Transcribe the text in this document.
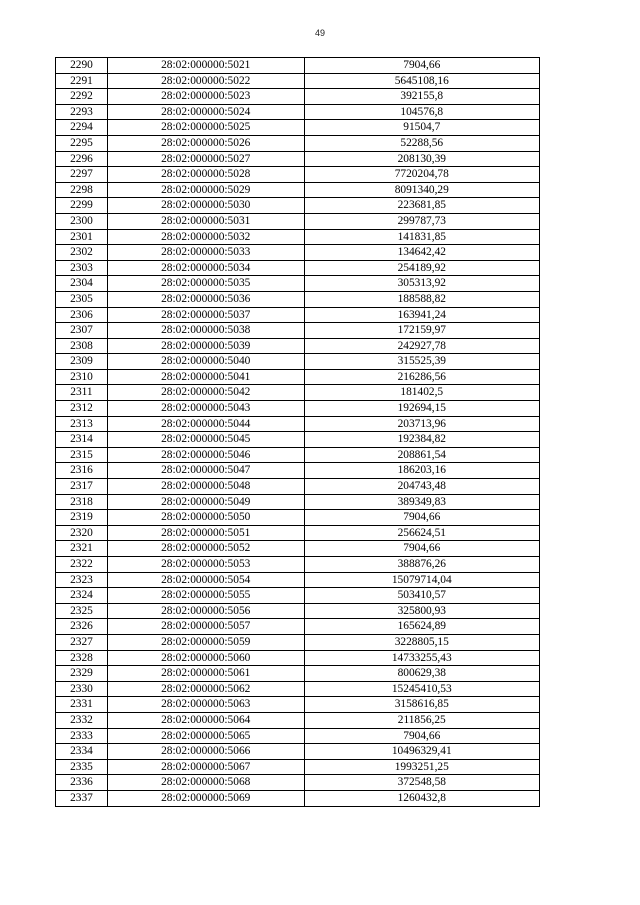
49
2290	28:02:000000:5021	7904,66
2291	28:02:000000:5022	5645108,16
2292	28:02:000000:5023	392155,8
2293	28:02:000000:5024	104576,8
2294	28:02:000000:5025	91504,7
2295	28:02:000000:5026	52288,56
2296	28:02:000000:5027	208130,39
2297	28:02:000000:5028	7720204,78
2298	28:02:000000:5029	8091340,29
2299	28:02:000000:5030	223681,85
2300	28:02:000000:5031	299787,73
2301	28:02:000000:5032	141831,85
2302	28:02:000000:5033	134642,42
2303	28:02:000000:5034	254189,92
2304	28:02:000000:5035	305313,92
2305	28:02:000000:5036	188588,82
2306	28:02:000000:5037	163941,24
2307	28:02:000000:5038	172159,97
2308	28:02:000000:5039	242927,78
2309	28:02:000000:5040	315525,39
2310	28:02:000000:5041	216286,56
2311	28:02:000000:5042	181402,5
2312	28:02:000000:5043	192694,15
2313	28:02:000000:5044	203713,96
2314	28:02:000000:5045	192384,82
2315	28:02:000000:5046	208861,54
2316	28:02:000000:5047	186203,16
2317	28:02:000000:5048	204743,48
2318	28:02:000000:5049	389349,83
2319	28:02:000000:5050	7904,66
2320	28:02:000000:5051	256624,51
2321	28:02:000000:5052	7904,66
2322	28:02:000000:5053	388876,26
2323	28:02:000000:5054	15079714,04
2324	28:02:000000:5055	503410,57
2325	28:02:000000:5056	325800,93
2326	28:02:000000:5057	165624,89
2327	28:02:000000:5059	3228805,15
2328	28:02:000000:5060	14733255,43
2329	28:02:000000:5061	800629,38
2330	28:02:000000:5062	15245410,53
2331	28:02:000000:5063	3158616,85
2332	28:02:000000:5064	211856,25
2333	28:02:000000:5065	7904,66
2334	28:02:000000:5066	10496329,41
2335	28:02:000000:5067	1993251,25
2336	28:02:000000:5068	372548,58
2337	28:02:000000:5069	1260432,8
